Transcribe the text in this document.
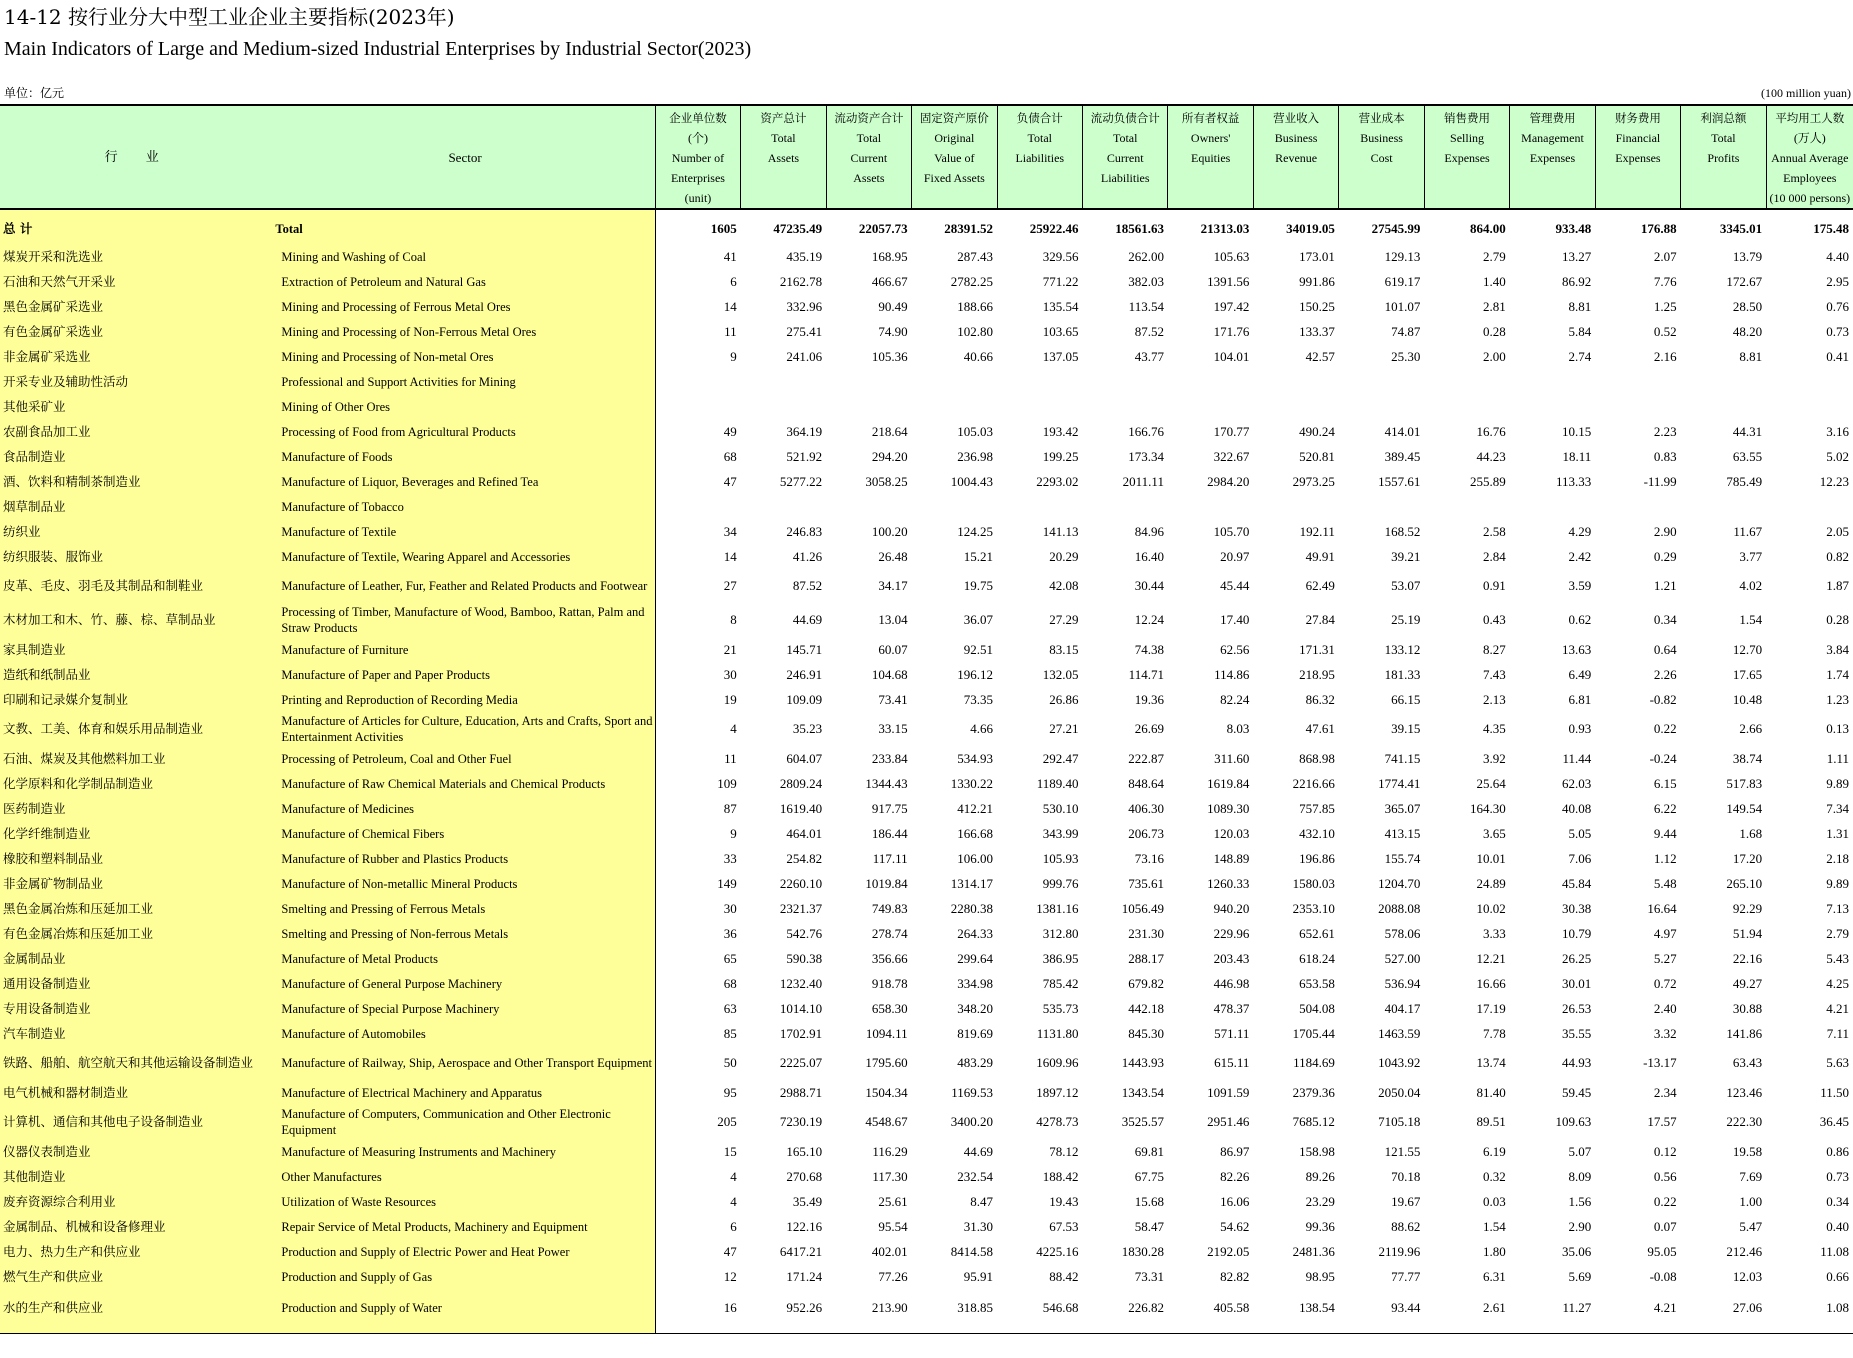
14-12 按行业分大中型工业企业主要指标(2023年)
Main Indicators of Large and Medium-sized Industrial Enterprises by Industrial Sector(2023)
单位：亿元	(100 million yuan)
行 业	Sector	企业单位数
(个)
Number of
Enterprises
(unit)	资产总计
Total
Assets	流动资产合计
Total
Current
Assets	固定资产原价
Original
Value of
Fixed Assets	负债合计
Total
Liabilities	流动负债合计
Total
Current
Liabilities	所有者权益
Owners'
Equities	营业收入
Business
Revenue	营业成本
Business
Cost	销售费用
Selling
Expenses	管理费用
Management
Expenses	财务费用
Financial
Expenses	利润总额
Total
Profits	平均用工人数
(万人)
Annual Average
Employees
(10 000 persons)

总 计	Total	1605	47235.49	22057.73	28391.52	25922.46	18561.63	21313.03	34019.05	27545.99	864.00	933.48	176.88	3345.01	175.48
煤炭开采和洗选业	Mining and Washing of Coal	41	435.19	168.95	287.43	329.56	262.00	105.63	173.01	129.13	2.79	13.27	2.07	13.79	4.40
石油和天然气开采业	Extraction of Petroleum and Natural Gas	6	2162.78	466.67	2782.25	771.22	382.03	1391.56	991.86	619.17	1.40	86.92	7.76	172.67	2.95
黑色金属矿采选业	Mining and Processing of Ferrous Metal Ores	14	332.96	90.49	188.66	135.54	113.54	197.42	150.25	101.07	2.81	8.81	1.25	28.50	0.76
有色金属矿采选业	Mining and Processing of Non-Ferrous Metal Ores	11	275.41	74.90	102.80	103.65	87.52	171.76	133.37	74.87	0.28	5.84	0.52	48.20	0.73
非金属矿采选业	Mining and Processing of Non-metal Ores	9	241.06	105.36	40.66	137.05	43.77	104.01	42.57	25.30	2.00	2.74	2.16	8.81	0.41
开采专业及辅助性活动	Professional and Support Activities for Mining														
其他采矿业	Mining of Other Ores														
农副食品加工业	Processing of Food from Agricultural Products	49	364.19	218.64	105.03	193.42	166.76	170.77	490.24	414.01	16.76	10.15	2.23	44.31	3.16
食品制造业	Manufacture of Foods	68	521.92	294.20	236.98	199.25	173.34	322.67	520.81	389.45	44.23	18.11	0.83	63.55	5.02
酒、饮料和精制茶制造业	Manufacture of Liquor, Beverages and Refined Tea	47	5277.22	3058.25	1004.43	2293.02	2011.11	2984.20	2973.25	1557.61	255.89	113.33	-11.99	785.49	12.23
烟草制品业	Manufacture of Tobacco														
纺织业	Manufacture of Textile	34	246.83	100.20	124.25	141.13	84.96	105.70	192.11	168.52	2.58	4.29	2.90	11.67	2.05
纺织服装、服饰业	Manufacture of Textile, Wearing Apparel and Accessories	14	41.26	26.48	15.21	20.29	16.40	20.97	49.91	39.21	2.84	2.42	0.29	3.77	0.82
皮革、毛皮、羽毛及其制品和制鞋业	Manufacture of Leather, Fur, Feather and Related Products and Footwear	27	87.52	34.17	19.75	42.08	30.44	45.44	62.49	53.07	0.91	3.59	1.21	4.02	1.87
木材加工和木、竹、藤、棕、草制品业	Processing of Timber, Manufacture of Wood, Bamboo, Rattan, Palm and Straw Products	8	44.69	13.04	36.07	27.29	12.24	17.40	27.84	25.19	0.43	0.62	0.34	1.54	0.28
家具制造业	Manufacture of Furniture	21	145.71	60.07	92.51	83.15	74.38	62.56	171.31	133.12	8.27	13.63	0.64	12.70	3.84
造纸和纸制品业	Manufacture of Paper and Paper Products	30	246.91	104.68	196.12	132.05	114.71	114.86	218.95	181.33	7.43	6.49	2.26	17.65	1.74
印刷和记录媒介复制业	Printing and Reproduction of Recording Media	19	109.09	73.41	73.35	26.86	19.36	82.24	86.32	66.15	2.13	6.81	-0.82	10.48	1.23
文教、工美、体育和娱乐用品制造业	Manufacture of Articles for Culture, Education, Arts and Crafts, Sport and Entertainment Activities	4	35.23	33.15	4.66	27.21	26.69	8.03	47.61	39.15	4.35	0.93	0.22	2.66	0.13
石油、煤炭及其他燃料加工业	Processing of Petroleum, Coal and Other Fuel	11	604.07	233.84	534.93	292.47	222.87	311.60	868.98	741.15	3.92	11.44	-0.24	38.74	1.11
化学原料和化学制品制造业	Manufacture of Raw Chemical Materials and Chemical Products	109	2809.24	1344.43	1330.22	1189.40	848.64	1619.84	2216.66	1774.41	25.64	62.03	6.15	517.83	9.89
医药制造业	Manufacture of Medicines	87	1619.40	917.75	412.21	530.10	406.30	1089.30	757.85	365.07	164.30	40.08	6.22	149.54	7.34
化学纤维制造业	Manufacture of Chemical Fibers	9	464.01	186.44	166.68	343.99	206.73	120.03	432.10	413.15	3.65	5.05	9.44	1.68	1.31
橡胶和塑料制品业	Manufacture of Rubber and Plastics Products	33	254.82	117.11	106.00	105.93	73.16	148.89	196.86	155.74	10.01	7.06	1.12	17.20	2.18
非金属矿物制品业	Manufacture of Non-metallic Mineral Products	149	2260.10	1019.84	1314.17	999.76	735.61	1260.33	1580.03	1204.70	24.89	45.84	5.48	265.10	9.89
黑色金属冶炼和压延加工业	Smelting and Pressing of Ferrous Metals	30	2321.37	749.83	2280.38	1381.16	1056.49	940.20	2353.10	2088.08	10.02	30.38	16.64	92.29	7.13
有色金属冶炼和压延加工业	Smelting and Pressing of Non-ferrous Metals	36	542.76	278.74	264.33	312.80	231.30	229.96	652.61	578.06	3.33	10.79	4.97	51.94	2.79
金属制品业	Manufacture of Metal Products	65	590.38	356.66	299.64	386.95	288.17	203.43	618.24	527.00	12.21	26.25	5.27	22.16	5.43
通用设备制造业	Manufacture of General Purpose Machinery	68	1232.40	918.78	334.98	785.42	679.82	446.98	653.58	536.94	16.66	30.01	0.72	49.27	4.25
专用设备制造业	Manufacture of Special Purpose Machinery	63	1014.10	658.30	348.20	535.73	442.18	478.37	504.08	404.17	17.19	26.53	2.40	30.88	4.21
汽车制造业	Manufacture of Automobiles	85	1702.91	1094.11	819.69	1131.80	845.30	571.11	1705.44	1463.59	7.78	35.55	3.32	141.86	7.11
铁路、船舶、航空航天和其他运输设备制造业	Manufacture of Railway, Ship, Aerospace and Other Transport Equipment	50	2225.07	1795.60	483.29	1609.96	1443.93	615.11	1184.69	1043.92	13.74	44.93	-13.17	63.43	5.63
电气机械和器材制造业	Manufacture of Electrical Machinery and Apparatus	95	2988.71	1504.34	1169.53	1897.12	1343.54	1091.59	2379.36	2050.04	81.40	59.45	2.34	123.46	11.50
计算机、通信和其他电子设备制造业	Manufacture of Computers, Communication and Other Electronic Equipment	205	7230.19	4548.67	3400.20	4278.73	3525.57	2951.46	7685.12	7105.18	89.51	109.63	17.57	222.30	36.45
仪器仪表制造业	Manufacture of Measuring Instruments and Machinery	15	165.10	116.29	44.69	78.12	69.81	86.97	158.98	121.55	6.19	5.07	0.12	19.58	0.86
其他制造业	Other Manufactures	4	270.68	117.30	232.54	188.42	67.75	82.26	89.26	70.18	0.32	8.09	0.56	7.69	0.73
废弃资源综合利用业	Utilization of Waste Resources	4	35.49	25.61	8.47	19.43	15.68	16.06	23.29	19.67	0.03	1.56	0.22	1.00	0.34
金属制品、机械和设备修理业	Repair Service of Metal Products, Machinery and Equipment	6	122.16	95.54	31.30	67.53	58.47	54.62	99.36	88.62	1.54	2.90	0.07	5.47	0.40
电力、热力生产和供应业	Production and Supply of Electric Power and Heat Power	47	6417.21	402.01	8414.58	4225.16	1830.28	2192.05	2481.36	2119.96	1.80	35.06	95.05	212.46	11.08
燃气生产和供应业	Production and Supply of Gas	12	171.24	77.26	95.91	88.42	73.31	82.82	98.95	77.77	6.31	5.69	-0.08	12.03	0.66
水的生产和供应业	Production and Supply of Water	16	952.26	213.90	318.85	546.68	226.82	405.58	138.54	93.44	2.61	11.27	4.21	27.06	1.08
